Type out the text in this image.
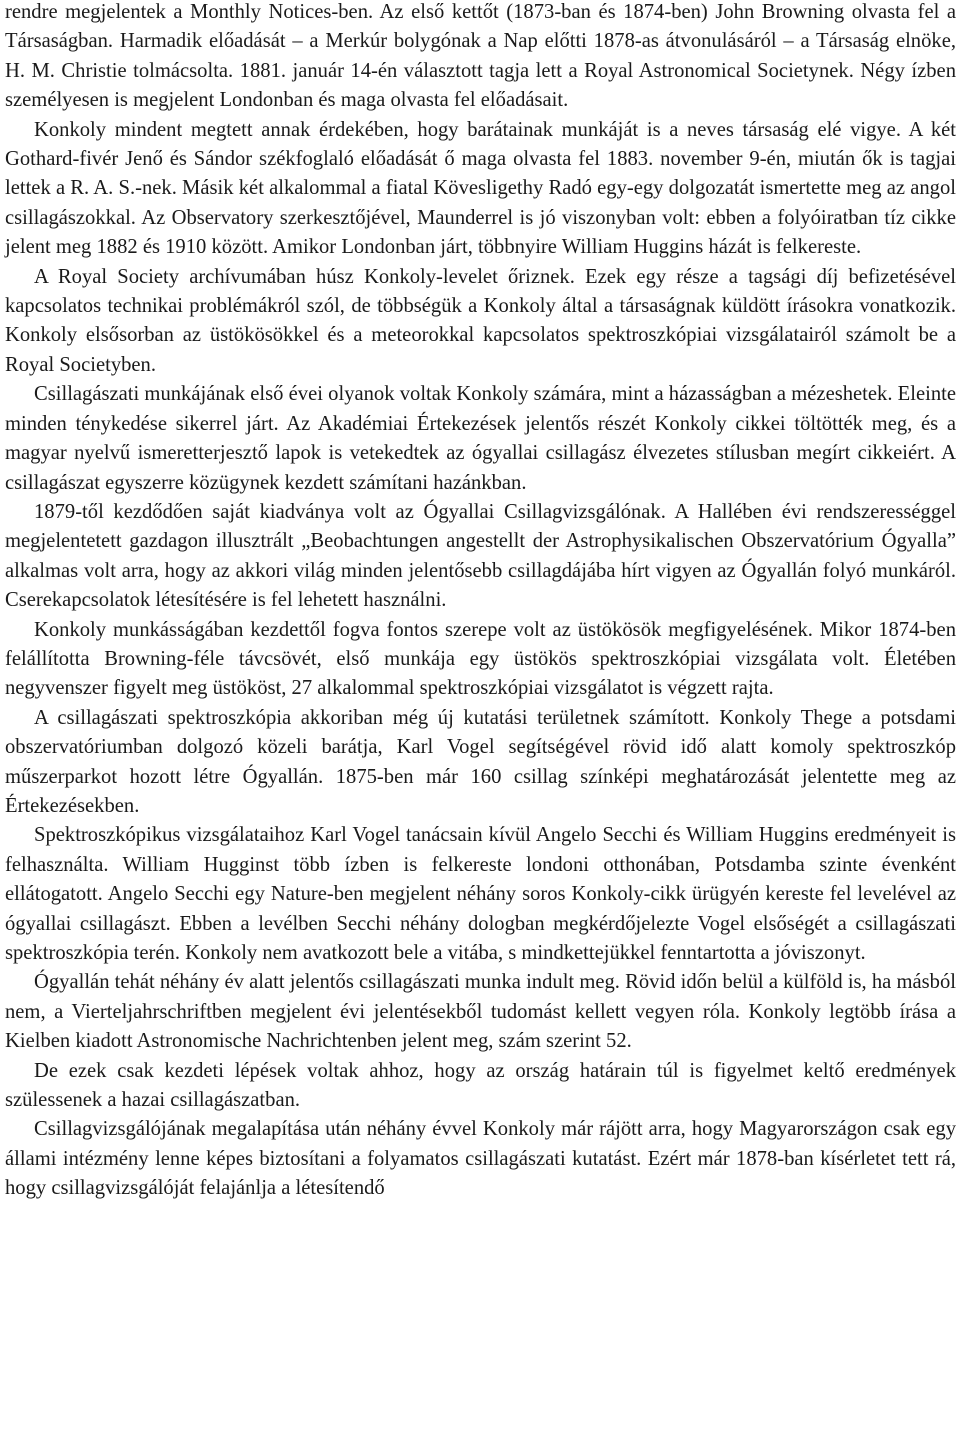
rendre megjelentek a Monthly Notices-ben. Az első kettőt (1873-ban és 1874-ben) John Browning olvasta fel a Társaságban. Harmadik előadását – a Merkúr bolygónak a Nap előtti 1878-as átvonulásáról – a Társaság elnöke, H. M. Christie tolmácsolta. 1881. január 14-én választott tagja lett a Royal Astronomical Societynek. Négy ízben személyesen is megjelent Londonban és maga olvasta fel előadásait.

Konkoly mindent megtett annak érdekében, hogy barátainak munkáját is a neves társaság elé vigye. A két Gothard-fivér Jenő és Sándor székfoglaló előadását ő maga olvasta fel 1883. november 9-én, miután ők is tagjai lettek a R. A. S.-nek. Másik két alkalommal a fiatal Kövesligethy Radó egy-egy dolgozatát ismertette meg az angol csillagászokkal. Az Observatory szerkesztőjével, Maunderrel is jó viszonyban volt: ebben a folyóiratban tíz cikke jelent meg 1882 és 1910 között. Amikor Londonban járt, többnyire William Huggins házát is felkereste.

A Royal Society archívumában húsz Konkoly-levelet őriznek. Ezek egy része a tagsági díj befizetésével kapcsolatos technikai problémákról szól, de többségük a Konkoly által a társaságnak küldött írásokra vonatkozik. Konkoly elsősorban az üstökösökkel és a meteorokkal kapcsolatos spektroszkópiai vizsgálatairól számolt be a Royal Societyben.

Csillagászati munkájának első évei olyanok voltak Konkoly számára, mint a házasságban a mézeshetek. Eleinte minden ténykedése sikerrel járt. Az Akadémiai Értekezések jelentős részét Konkoly cikkei töltötték meg, és a magyar nyelvű ismeretterjesztő lapok is vetekedtek az ógyallai csillagász élvezetes stílusban megírt cikkeiért. A csillagászat egyszerre közügynek kezdett számítani hazánkban.

1879-től kezdődően saját kiadványa volt az Ógyallai Csillagvizsgálónak. A Hallében évi rendszerességgel megjelentetett gazdagon illusztrált „Beobachtungen angestellt der Astrophysikalischen Obszervatórium Ógyalla” alkalmas volt arra, hogy az akkori világ minden jelentősebb csillagdájába hírt vigyen az Ógyallán folyó munkáról. Cserekapcsolatok létesítésére is fel lehetett használni.

Konkoly munkásságában kezdettől fogva fontos szerepe volt az üstökösök megfigyelésének. Mikor 1874-ben felállította Browning-féle távcsövét, első munkája egy üstökös spektroszkópiai vizsgálata volt. Életében negyvenszer figyelt meg üstököst, 27 alkalommal spektroszkópiai vizsgálatot is végzett rajta.

A csillagászati spektroszkópia akkoriban még új kutatási területnek számított. Konkoly Thege a potsdami obszervatóriumban dolgozó közeli barátja, Karl Vogel segítségével rövid idő alatt komoly spektroszkóp műszerparkot hozott létre Ógyallán. 1875-ben már 160 csillag színképi meghatározását jelentette meg az Értekezésekben.

Spektroszkópikus vizsgálataihoz Karl Vogel tanácsain kívül Angelo Secchi és William Huggins eredményeit is felhasználta. William Hugginst több ízben is felkereste londoni otthonában, Potsdamba szinte évenként ellátogatott. Angelo Secchi egy Nature-ben megjelent néhány soros Konkoly-cikk ürügyén kereste fel levelével az ógyallai csillagászt. Ebben a levélben Secchi néhány dologban megkérdőjelezte Vogel elsőségét a csillagászati spektroszkópia terén. Konkoly nem avatkozott bele a vitába, s mindkettejükkel fenntartotta a jóviszonyt.

Ógyallán tehát néhány év alatt jelentős csillagászati munka indult meg. Rövid időn belül a külföld is, ha másból nem, a Vierteljahrschriftben megjelent évi jelentésekből tudomást kellett vegyen róla. Konkoly legtöbb írása a Kielben kiadott Astronomische Nachrichtenben jelent meg, szám szerint 52.

De ezek csak kezdeti lépések voltak ahhoz, hogy az ország határain túl is figyelmet keltő eredmények szülessenek a hazai csillagászatban.

Csillagvizsgálójának megalapítása után néhány évvel Konkoly már rájött arra, hogy Magyarországon csak egy állami intézmény lenne képes biztosítani a folyamatos csillagászati kutatást. Ezért már 1878-ban kísérletet tett rá, hogy csillagvizsgálóját felajánlja a létesítendő
